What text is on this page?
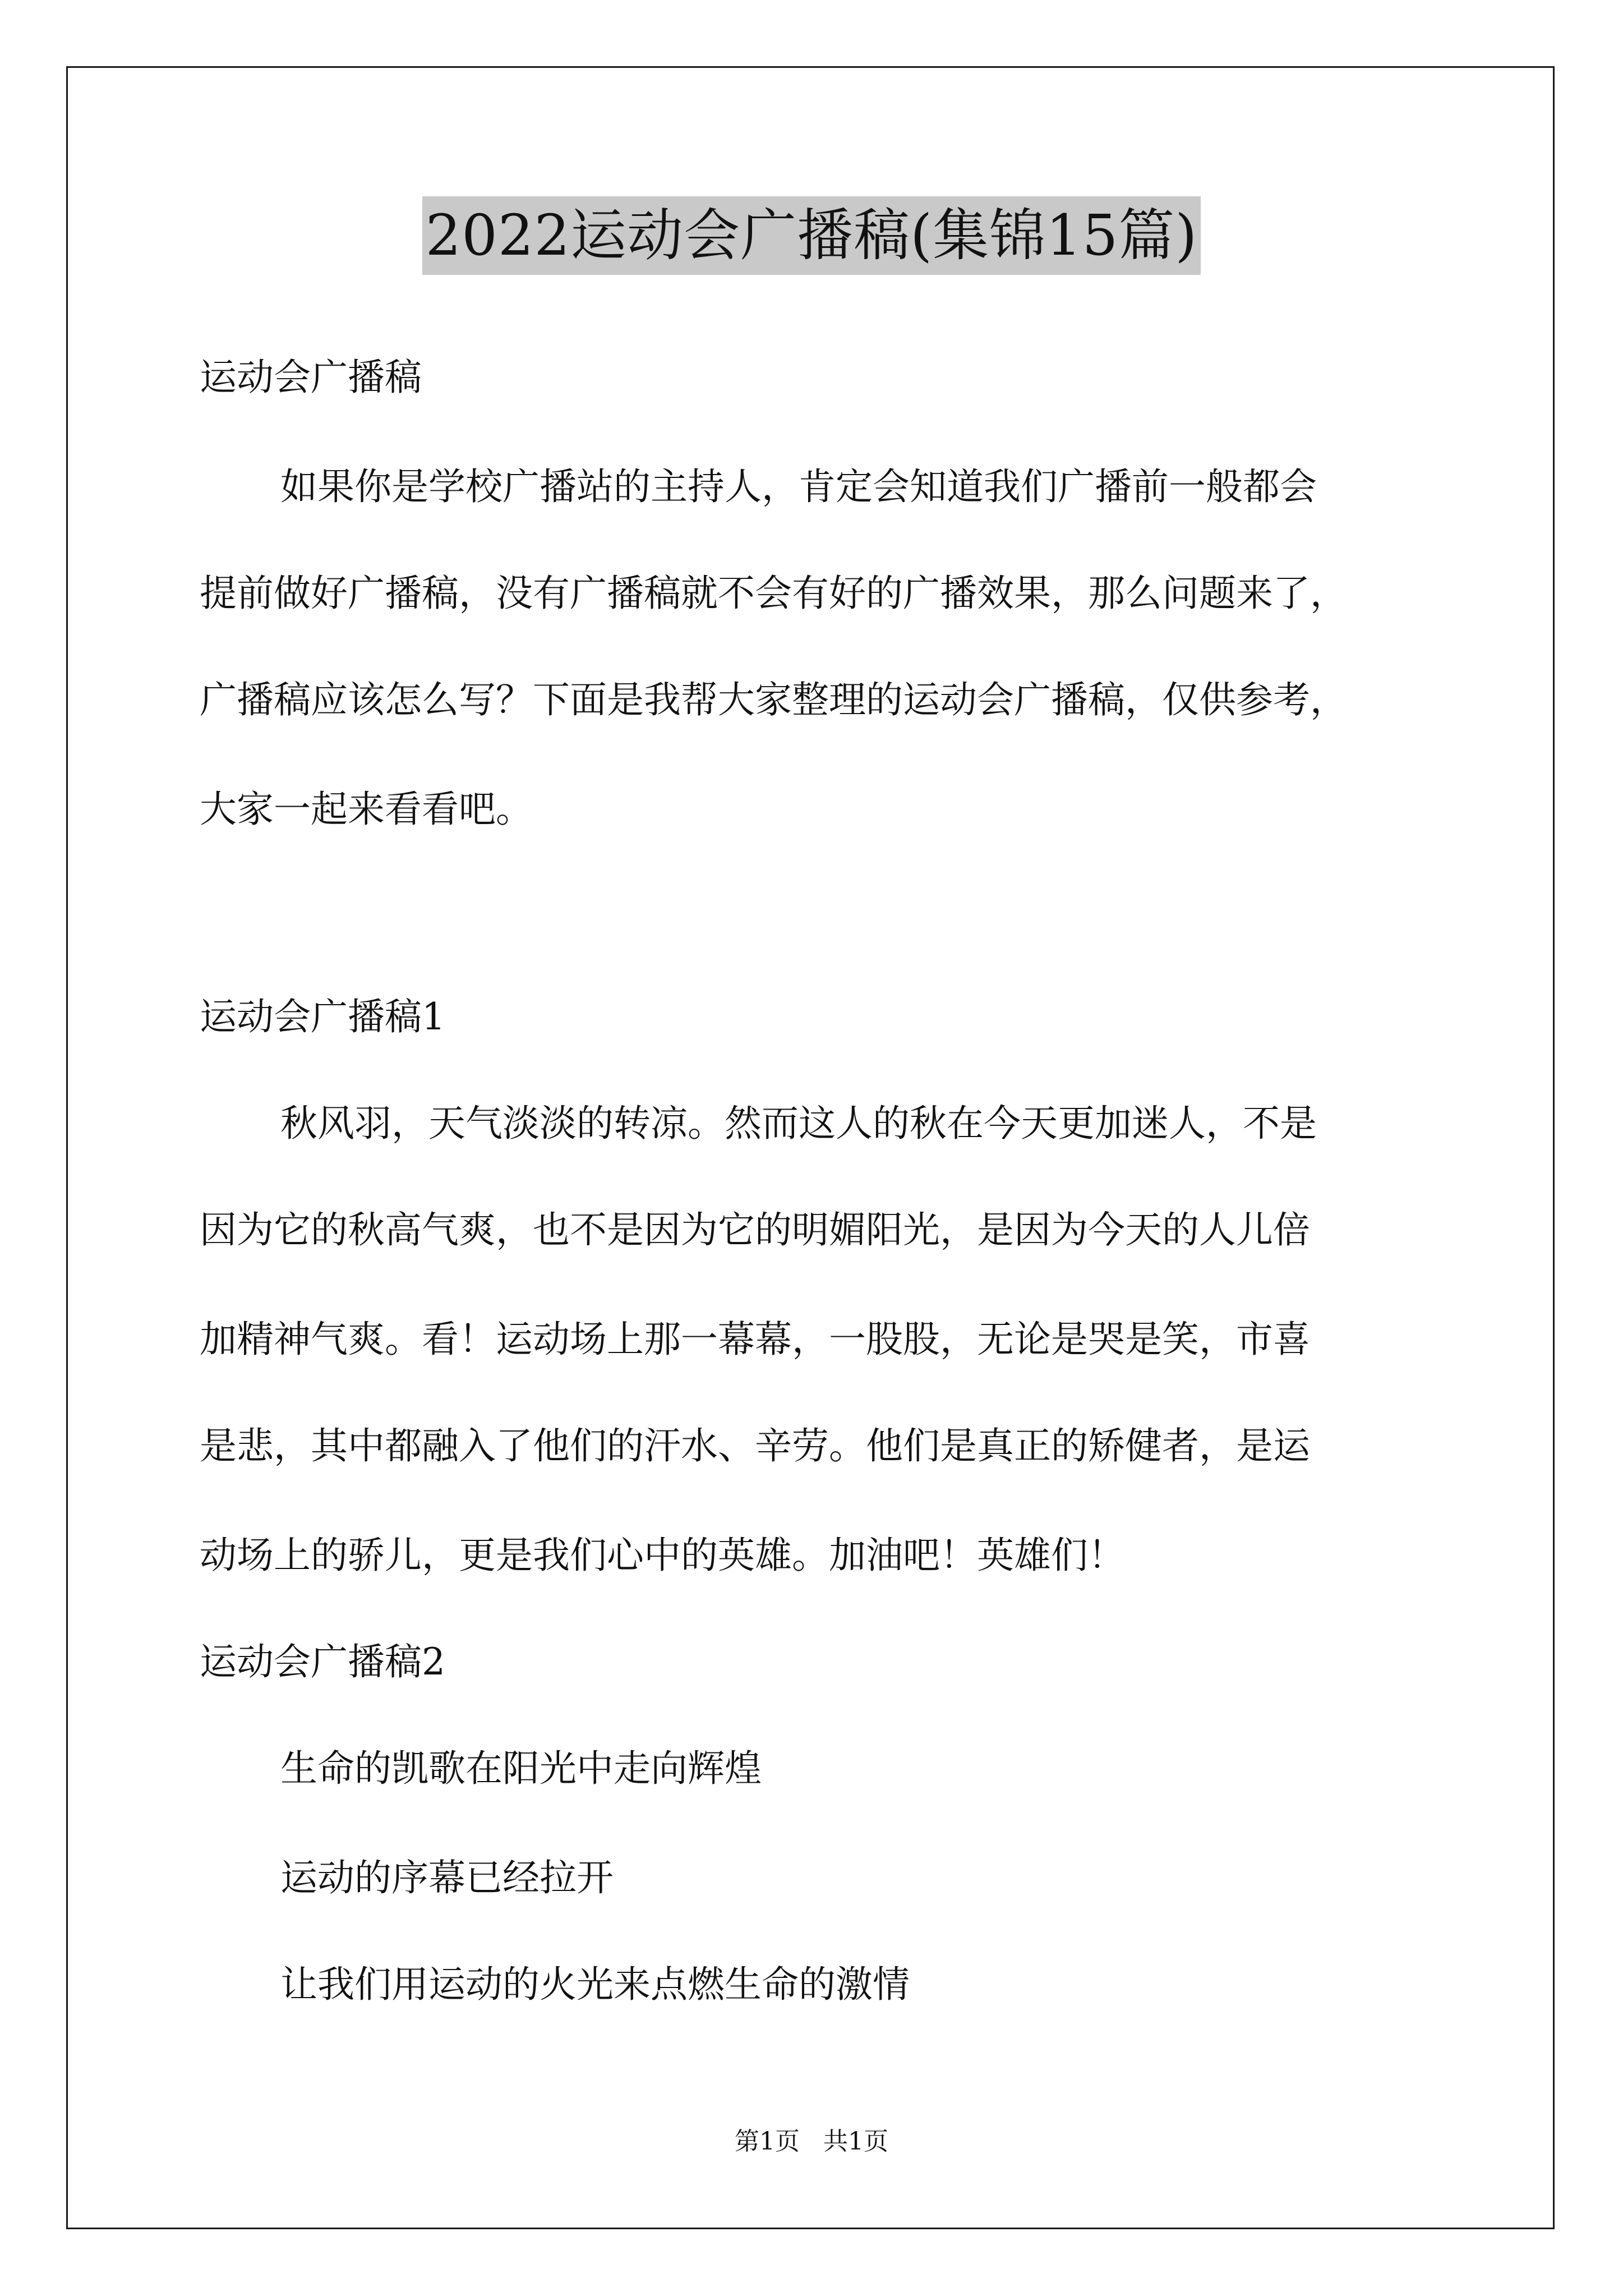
2022运动会广播稿(集锦15篇)
运动会广播稿
如果你是学校广播站的主持人，肯定会知道我们广播前一般都会
提前做好广播稿，没有广播稿就不会有好的广播效果，那么问题来了，
广播稿应该怎么写？下面是我帮大家整理的运动会广播稿，仅供参考，
大家一起来看看吧。
运动会广播稿1
秋风羽，天气淡淡的转凉。然而这人的秋在今天更加迷人，不是
因为它的秋高气爽，也不是因为它的明媚阳光，是因为今天的人儿倍
加精神气爽。看！运动场上那一幕幕，一股股，无论是哭是笑，市喜
是悲，其中都融入了他们的汗水、辛劳。他们是真正的矫健者，是运
动场上的骄儿，更是我们心中的英雄。加油吧！英雄们！
运动会广播稿2
生命的凯歌在阳光中走向辉煌
运动的序幕已经拉开
让我们用运动的火光来点燃生命的激情
第1页   共1页
